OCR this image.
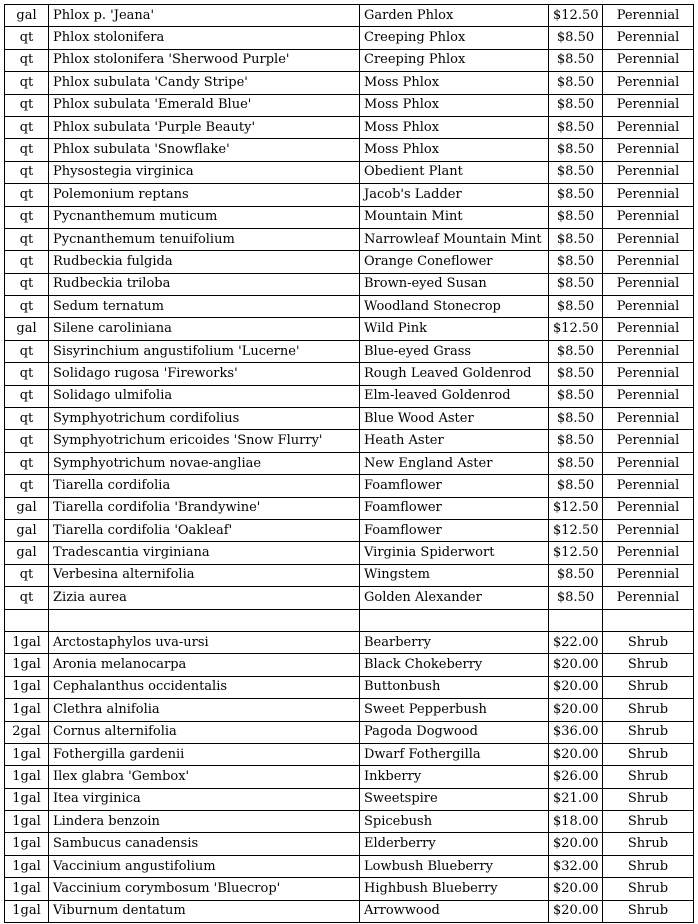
gal	Phlox p. 'Jeana'	Garden Phlox	$12.50	Perennial
qt	Phlox stolonifera	Creeping Phlox	$8.50	Perennial
qt	Phlox stolonifera 'Sherwood Purple'	Creeping Phlox	$8.50	Perennial
qt	Phlox subulata 'Candy Stripe'	Moss Phlox	$8.50	Perennial
qt	Phlox subulata 'Emerald Blue'	Moss Phlox	$8.50	Perennial
qt	Phlox subulata 'Purple Beauty'	Moss Phlox	$8.50	Perennial
qt	Phlox subulata 'Snowflake'	Moss Phlox	$8.50	Perennial
qt	Physostegia virginica	Obedient Plant	$8.50	Perennial
qt	Polemonium reptans	Jacob's Ladder	$8.50	Perennial
qt	Pycnanthemum muticum	Mountain Mint	$8.50	Perennial
qt	Pycnanthemum tenuifolium	Narrowleaf Mountain Mint	$8.50	Perennial
qt	Rudbeckia fulgida	Orange Coneflower	$8.50	Perennial
qt	Rudbeckia triloba	Brown-eyed Susan	$8.50	Perennial
qt	Sedum ternatum	Woodland Stonecrop	$8.50	Perennial
gal	Silene caroliniana	Wild Pink	$12.50	Perennial
qt	Sisyrinchium angustifolium 'Lucerne'	Blue-eyed Grass	$8.50	Perennial
qt	Solidago rugosa 'Fireworks'	Rough Leaved Goldenrod	$8.50	Perennial
qt	Solidago ulmifolia	Elm-leaved Goldenrod	$8.50	Perennial
qt	Symphyotrichum cordifolius	Blue Wood Aster	$8.50	Perennial
qt	Symphyotrichum ericoides 'Snow Flurry'	Heath Aster	$8.50	Perennial
qt	Symphyotrichum novae-angliae	New England Aster	$8.50	Perennial
qt	Tiarella cordifolia	Foamflower	$8.50	Perennial
gal	Tiarella cordifolia 'Brandywine'	Foamflower	$12.50	Perennial
gal	Tiarella cordifolia 'Oakleaf'	Foamflower	$12.50	Perennial
gal	Tradescantia virginiana	Virginia Spiderwort	$12.50	Perennial
qt	Verbesina alternifolia	Wingstem	$8.50	Perennial
qt	Zizia aurea	Golden Alexander	$8.50	Perennial

1gal	Arctostaphylos uva-ursi	Bearberry	$22.00	Shrub
1gal	Aronia melanocarpa	Black Chokeberry	$20.00	Shrub
1gal	Cephalanthus occidentalis	Buttonbush	$20.00	Shrub
1gal	Clethra alnifolia	Sweet Pepperbush	$20.00	Shrub
2gal	Cornus alternifolia	Pagoda Dogwood	$36.00	Shrub
1gal	Fothergilla gardenii	Dwarf Fothergilla	$20.00	Shrub
1gal	Ilex glabra 'Gembox'	Inkberry	$26.00	Shrub
1gal	Itea virginica	Sweetspire	$21.00	Shrub
1gal	Lindera benzoin	Spicebush	$18.00	Shrub
1gal	Sambucus canadensis	Elderberry	$20.00	Shrub
1gal	Vaccinium angustifolium	Lowbush Blueberry	$32.00	Shrub
1gal	Vaccinium corymbosum 'Bluecrop'	Highbush Blueberry	$20.00	Shrub
1gal	Viburnum dentatum	Arrowwood	$20.00	Shrub
